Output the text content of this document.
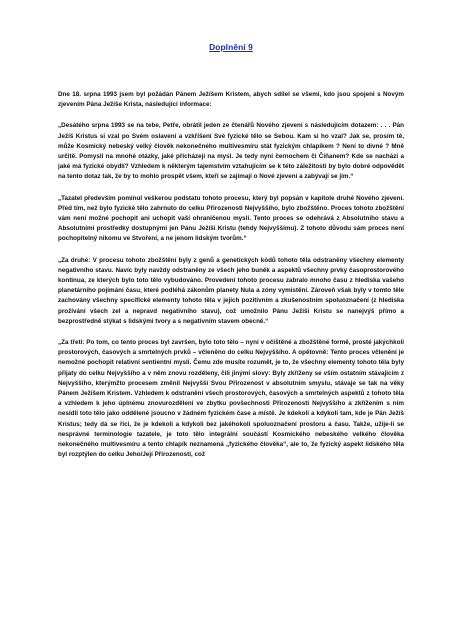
Doplnění 9

Dne 18. srpna 1993 jsem byl požádán Pánem Ježíšem Kristem, abych sdílel se všemi, kdo jsou spojeni s Novým zjevením Pána Ježíše Krista, následující informace:

„Desátého srpna 1993 se na tebe, Petře, obrátil jeden ze čtenářů Nového zjevení s následujícím dotazem: . . . Pán Ježíš Kristus si vzal po Svém oslavení a vzkříšení Své fyzické tělo se Sebou. Kam si ho vzal? Jak se, prosím tě, může Kosmický nebeský velký člověk nekonečného multivesmíru stát fyzickým chlapíkem ? Není to divné ? Mně určitě. Pomysli na mnohé otázky, jaké přicházejí na mysl. Je tedy nyní černochem či Číňanem? Kde se nachází a jaké má fyzické obydlí? Vzhledem k některým tajemstvím vztahujícím se k této záležitosti by bylo dobré odpovědět na tento dotaz tak, že by to mohlo prospět všem, kteří se zajímají o Nové zjevení a zabývají se jím.“

„Tazatel především pominul veškerou podstatu tohoto procesu, který byl popsán v kapitole druhé Nového zjevení. Před tím, než bylo fyzické tělo zahrnuto do celku Přirozenosti Nejvyššího, bylo zbožštěno. Proces tohoto zbožštění vám není možné pochopit ani uchopit vaší ohraničenou myslí. Tento proces se odehrává z Absolutního stavu a Absolutními prostředky dostupnými jen Pánu Ježíši Kristu (tehdy Nejvyššímu). Z tohoto důvodu sám proces není pochopitelný nikomu ve Stvoření, a ne jenom lidským tvorům.“

„Za druhé: V procesu tohoto zbožštění byly z genů a genetických kódů tohoto těla odstraněny všechny elementy negativního stavu. Navíc byly navždy odstraněny ze všech jeho buněk a aspektů všechny prvky časoprostorového kontinua, ze kterých bylo toto tělo vybudováno. Provedení tohoto procesu zabralo mnoho času z hlediska vašeho planetárního pojímání času, které podléhá zákonům planety Nula a zóny vymístění. Zároveň však byly v tomto těle zachovány všechny specifické elementy tohoto těla v jejich pozitivním a zkušenostním spoluoznačení (z hlediska prožívání všech zel a nepravd negativního stavu), což umožnilo Pánu Ježíši Kristu se nanejvýš přímo a bezprostředně stýkat s lidskými tvory a s negativním stavem obecně.“

„Za třetí: Po tom, co tento proces byl završen, bylo toto tělo – nyní v očištěné a zbožštěné formě, prosté jakýchkoli prostorových, časových a smrtelných prvků – včleněno do celku Nejvyššího. A opětovně: Tento proces včlenění je nemožné pochopit relativní sentientní myslí. Čemu zde musíte rozumět, je to, že všechny elementy tohoto těla byly přijaty do celku Nejvyššího a v něm znovu rozděleny, čili jinými slovy: Byly zkříženy se vším ostatním stávajícím z Nejvyššího, kterýmžto procesem změnil Nejvyšší Svou Přirozenost v absolutním smyslu, stávaje se tak na věky Pánem Ježíšem Kristem. Vzhledem k odstranění všech prostorových, časových a smrtelných aspektů z tohoto těla a vzhledem k jeho úplnému znovurozdělení ve zbytku povšechnosti Přirozenosti Nejvyššího a zkřížením s ním nesídlí toto tělo jako oddělené jsoucno v žádném fyzickém čase a místě. Je kdekoli a kdykoli tam, kde je Pán Ježíš Kristus; tedy dá se říci, že je kdekoli a kdykoli bez jakéhokoli spoluoznačení prostoru a času. Takže, užije-li se nesprávné terminologie tazatele, je toto tělo integrální součástí Kosmického nebeského velkého člověka nekonečného multivesmíru a tento chlapík neznamená „fyzického člověka“, ale to, že fyzický aspekt lidského těla byl rozptýlen do celku Jeho/Její Přirozenosti, což
